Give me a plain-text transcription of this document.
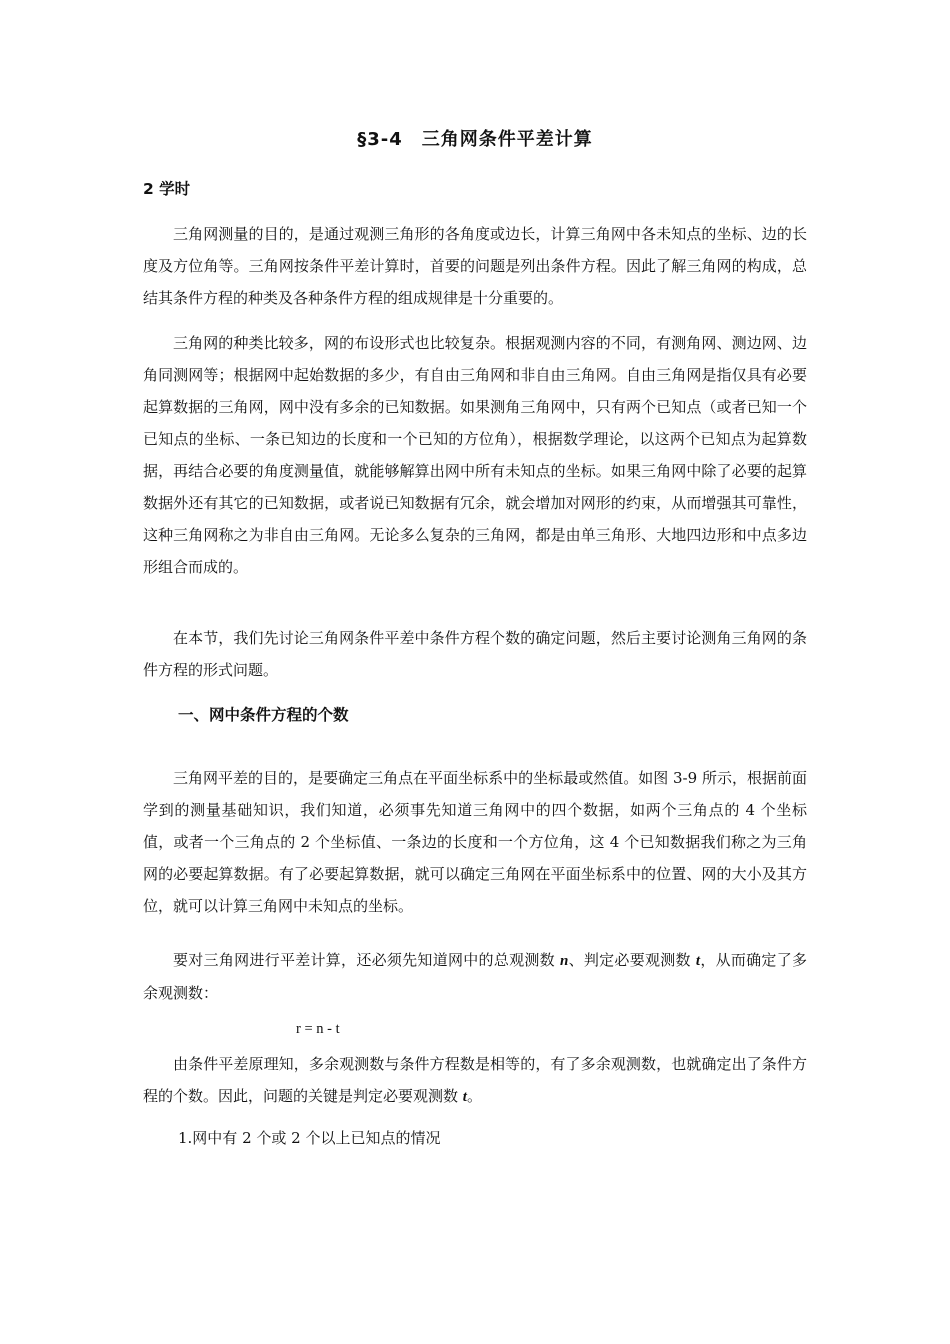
§3-4　三角网条件平差计算
2 学时
三角网测量的目的，是通过观测三角形的各角度或边长，计算三角网中各未知点的坐标、边的长度及方位角等。三角网按条件平差计算时，首要的问题是列出条件方程。因此了解三角网的构成，总结其条件方程的种类及各种条件方程的组成规律是十分重要的。
三角网的种类比较多，网的布设形式也比较复杂。根据观测内容的不同，有测角网、测边网、边角同测网等；根据网中起始数据的多少，有自由三角网和非自由三角网。自由三角网是指仅具有必要起算数据的三角网，网中没有多余的已知数据。如果测角三角网中，只有两个已知点（或者已知一个已知点的坐标、一条已知边的长度和一个已知的方位角），根据数学理论，以这两个已知点为起算数据，再结合必要的角度测量值，就能够解算出网中所有未知点的坐标。如果三角网中除了必要的起算数据外还有其它的已知数据，或者说已知数据有冗余，就会增加对网形的约束，从而增强其可靠性，这种三角网称之为非自由三角网。无论多么复杂的三角网，都是由单三角形、大地四边形和中点多边形组合而成的。
在本节，我们先讨论三角网条件平差中条件方程个数的确定问题，然后主要讨论测角三角网的条件方程的形式问题。
一、网中条件方程的个数
三角网平差的目的，是要确定三角点在平面坐标系中的坐标最或然值。如图 3-9 所示，根据前面学到的测量基础知识，我们知道，必须事先知道三角网中的四个数据，如两个三角点的 4 个坐标值，或者一个三角点的 2 个坐标值、一条边的长度和一个方位角，这 4 个已知数据我们称之为三角网的必要起算数据。有了必要起算数据，就可以确定三角网在平面坐标系中的位置、网的大小及其方位，就可以计算三角网中未知点的坐标。
要对三角网进行平差计算，还必须先知道网中的总观测数 n、判定必要观测数 t，从而确定了多余观测数：
r = n - t
由条件平差原理知，多余观测数与条件方程数是相等的，有了多余观测数，也就确定出了条件方程的个数。因此，问题的关键是判定必要观测数 t。
1.网中有 2 个或 2 个以上已知点的情况
